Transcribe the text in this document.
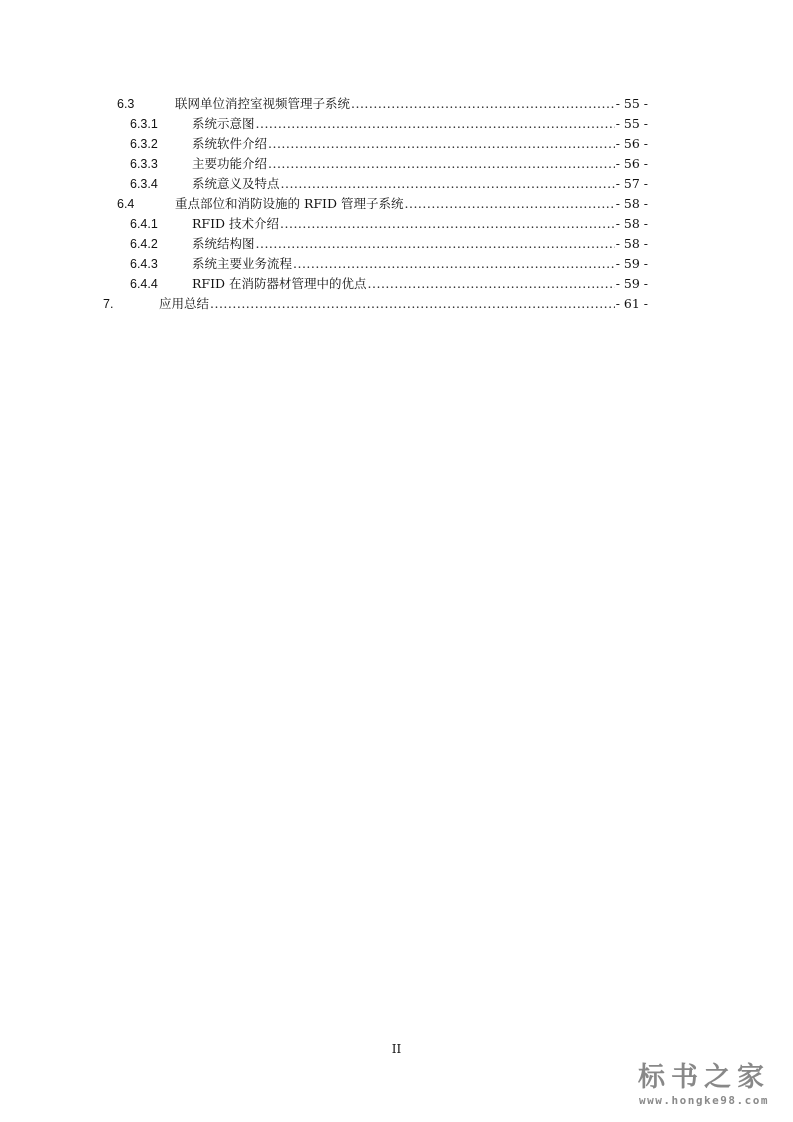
6.3	联网单位消控室视频管理子系统 .....	- 55 -
6.3.1	系统示意图 .....	- 55 -
6.3.2	系统软件介绍 .....	- 56 -
6.3.3	主要功能介绍 .....	- 56 -
6.3.4	系统意义及特点 .....	- 57 -
6.4	重点部位和消防设施的 RFID 管理子系统 .....	- 58 -
6.4.1	RFID 技术介绍 .....	- 58 -
6.4.2	系统结构图 .....	- 58 -
6.4.3	系统主要业务流程 .....	- 59 -
6.4.4	RFID 在消防器材管理中的优点 .....	- 59 -
7.	应用总结 .....	- 61 -
II
标书之家
www.hongke98.com
